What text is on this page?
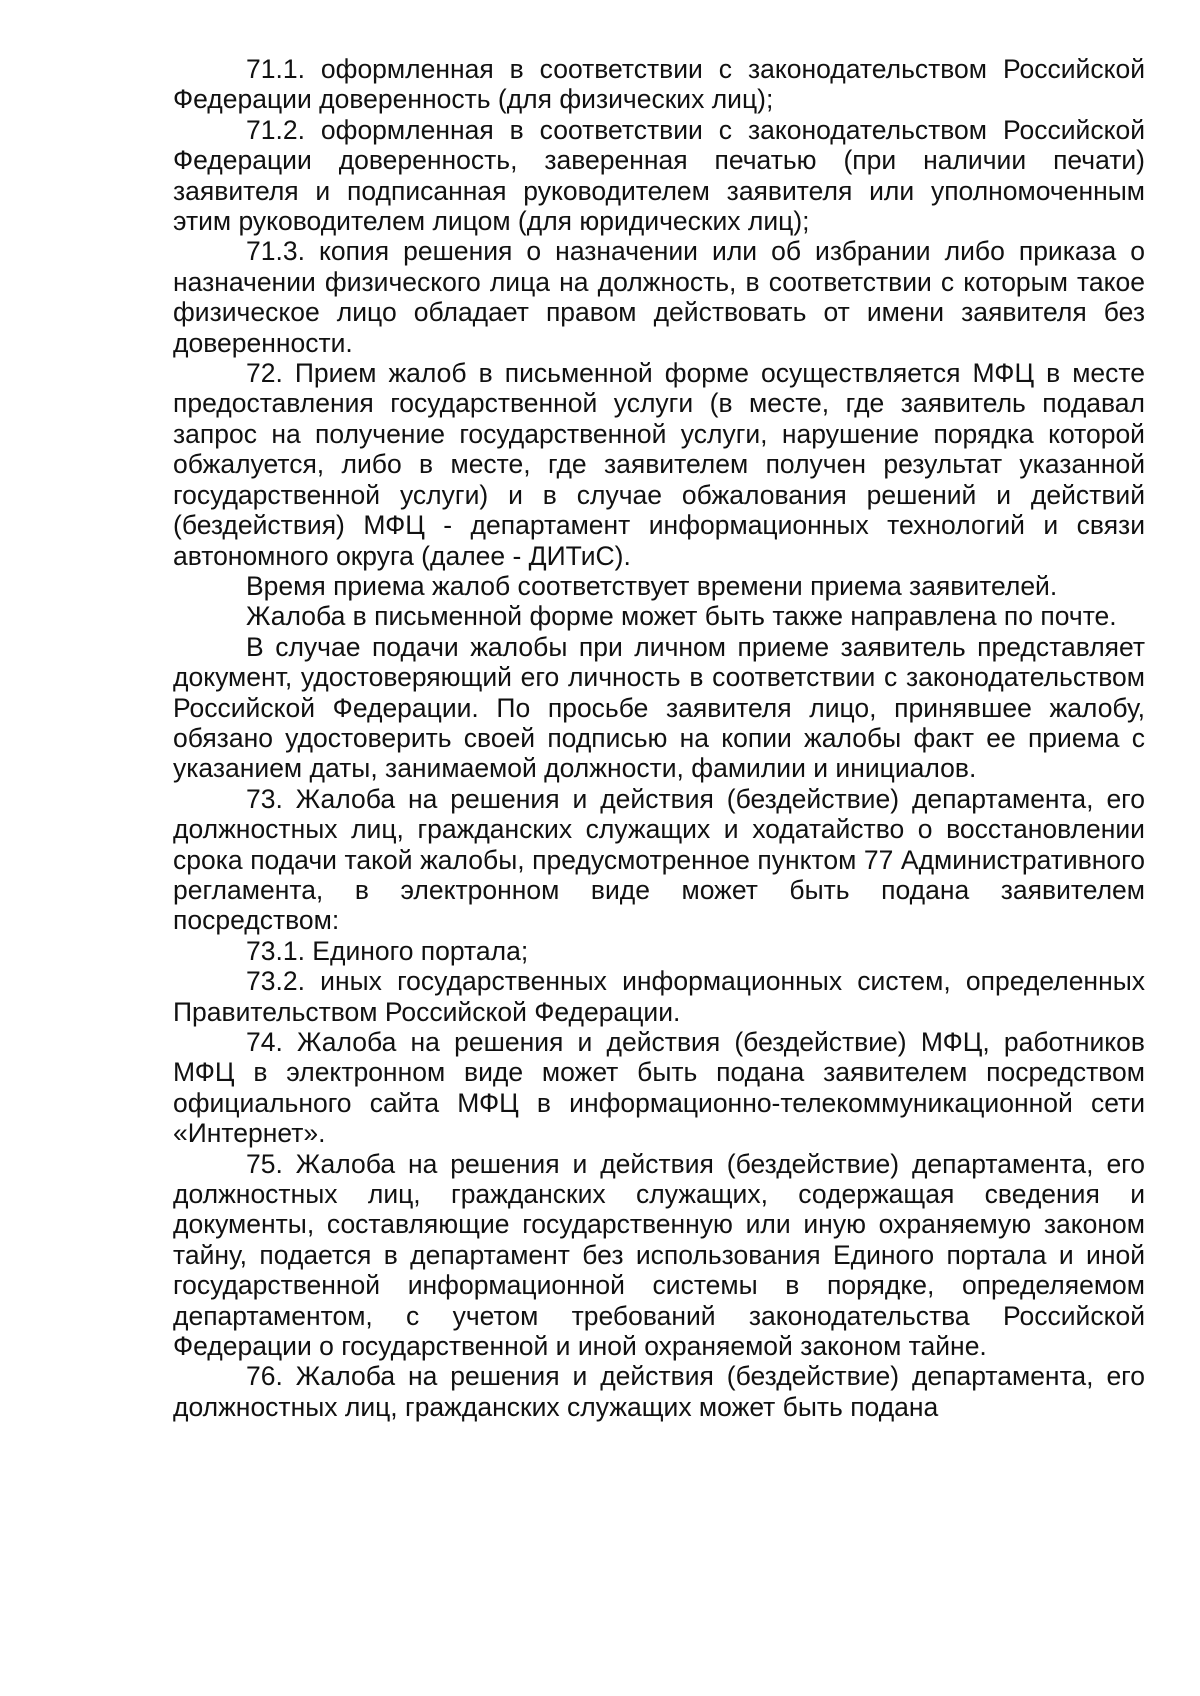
71.1. оформленная в соответствии с законодательством Российской Федерации доверенность (для физических лиц);

71.2. оформленная в соответствии с законодательством Российской Федерации доверенность, заверенная печатью (при наличии печати) заявителя и подписанная руководителем заявителя или уполномоченным этим руководителем лицом (для юридических лиц);

71.3. копия решения о назначении или об избрании либо приказа о назначении физического лица на должность, в соответствии с которым такое физическое лицо обладает правом действовать от имени заявителя без доверенности.

72. Прием жалоб в письменной форме осуществляется МФЦ в месте предоставления государственной услуги (в месте, где заявитель подавал запрос на получение государственной услуги, нарушение порядка которой обжалуется, либо в месте, где заявителем получен результат указанной государственной услуги) и в случае обжалования решений и действий (бездействия) МФЦ - департамент информационных технологий и связи автономного округа (далее - ДИТиС).

Время приема жалоб соответствует времени приема заявителей.

Жалоба в письменной форме может быть также направлена по почте.

В случае подачи жалобы при личном приеме заявитель представляет документ, удостоверяющий его личность в соответствии с законодательством Российской Федерации. По просьбе заявителя лицо, принявшее жалобу, обязано удостоверить своей подписью на копии жалобы факт ее приема с указанием даты, занимаемой должности, фамилии и инициалов.

73. Жалоба на решения и действия (бездействие) департамента, его должностных лиц, гражданских служащих и ходатайство о восстановлении срока подачи такой жалобы, предусмотренное пунктом 77 Административного регламента, в электронном виде может быть подана заявителем посредством:

73.1. Единого портала;

73.2. иных государственных информационных систем, определенных Правительством Российской Федерации.

74. Жалоба на решения и действия (бездействие) МФЦ, работников МФЦ в электронном виде может быть подана заявителем посредством официального сайта МФЦ в информационно-телекоммуникационной сети «Интернет».

75. Жалоба на решения и действия (бездействие) департамента, его должностных лиц, гражданских служащих, содержащая сведения и документы, составляющие государственную или иную охраняемую законом тайну, подается в департамент без использования Единого портала и иной государственной информационной системы в порядке, определяемом департаментом, с учетом требований законодательства Российской Федерации о государственной и иной охраняемой законом тайне.

76. Жалоба на решения и действия (бездействие) департамента, его должностных лиц, гражданских служащих может быть подана
